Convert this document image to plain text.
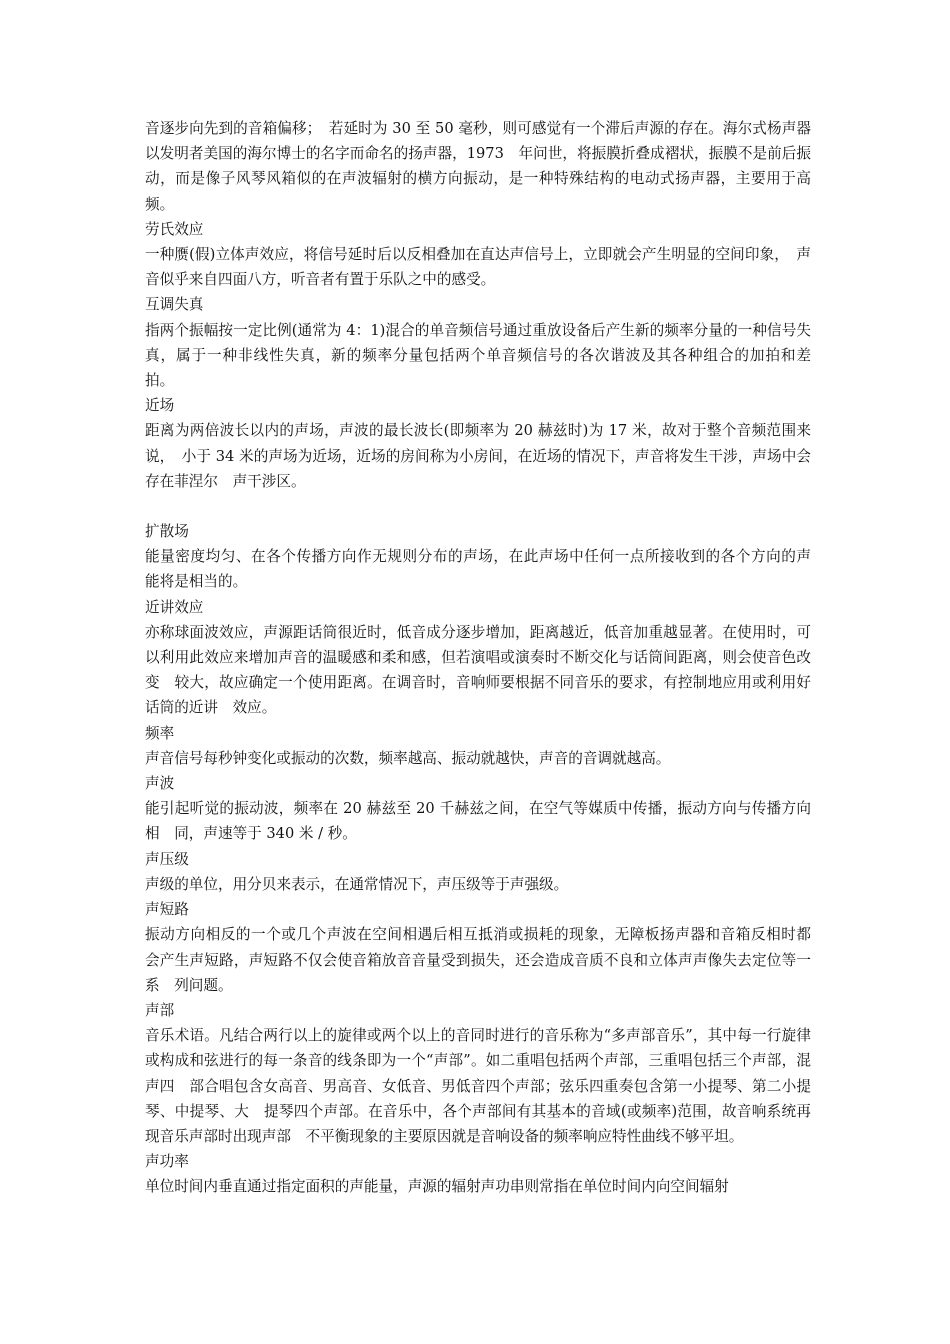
音逐步向先到的音箱偏移；　若延时为 30 至 50 毫秒，则可感觉有一个滞后声源的存在。海尔式杨声器以发明者美国的海尔博士的名字而命名的扬声器，1973　年问世，将振膜折叠成褶状，振膜不是前后振动，而是像子风琴风箱似的在声波辐射的横方向振动，是一种特殊结构的电动式扬声器，主要用于高　频。

劳氏效应
一种赝(假)立体声效应，将信号延时后以反相叠加在直达声信号上，立即就会产生明显的空间印象，　声音似乎来自四面八方，听音者有置于乐队之中的感受。
互调失真
指两个振幅按一定比例(通常为 4：1)混合的单音频信号通过重放设备后产生新的频率分量的一种信号失真，属于一种非线性失真，新的频率分量包括两个单音频信号的各次谐波及其各种组合的加拍和差　拍。
近场
距离为两倍波长以内的声场，声波的最长波长(即频率为 20 赫兹时)为 17 米，故对于整个音频范围来说，　小于 34 米的声场为近场，近场的房间称为小房间，在近场的情况下，声音将发生干涉，声场中会存在菲涅尔　声干涉区。
扩散场
能量密度均匀、在各个传播方向作无规则分布的声场，在此声场中任何一点所接收到的各个方向的声　能将是相当的。
近讲效应
亦称球面波效应，声源距话筒很近时，低音成分逐步增加，距离越近，低音加重越显著。在使用时，可　以利用此效应来增加声音的温暖感和柔和感，但若演唱或演奏时不断交化与话筒间距离，则会使音色改变　较大，故应确定一个使用距离。在调音时，音响师要根据不同音乐的要求，有控制地应用或利用好话筒的近讲　效应。
频率
声音信号每秒钟变化或振动的次数，频率越高、振动就越快，声音的音调就越高。
声波
能引起听觉的振动波，频率在 20 赫兹至 20 千赫兹之间，在空气等媒质中传播，振动方向与传播方向相　同，声速等于 340 米 / 秒。
声压级
声级的单位，用分贝来表示，在通常情况下，声压级等于声强级。
声短路
振动方向相反的一个或几个声波在空间相遇后相互抵消或损耗的现象，无障板扬声器和音箱反相时都　会产生声短路，声短路不仅会使音箱放音音量受到损失，还会造成音质不良和立体声声像失去定位等一系　列问题。
声部
音乐术语。凡结合两行以上的旋律或两个以上的音同时进行的音乐称为“多声部音乐”，其中每一行旋律　或构成和弦进行的每一条音的线条即为一个“声部”。如二重唱包括两个声部，三重唱包括三个声部，混声四　部合唱包含女高音、男高音、女低音、男低音四个声部；弦乐四重奏包含第一小提琴、第二小提琴、中提琴、大　提琴四个声部。在音乐中，各个声部间有其基本的音域(或频率)范围，故音响系统再现音乐声部时出现声部　不平衡现象的主要原因就是音响设备的频率响应特性曲线不够平坦。
声功率
单位时间内垂直通过指定面积的声能量，声源的辐射声功串则常指在单位时间内向空间辐射
